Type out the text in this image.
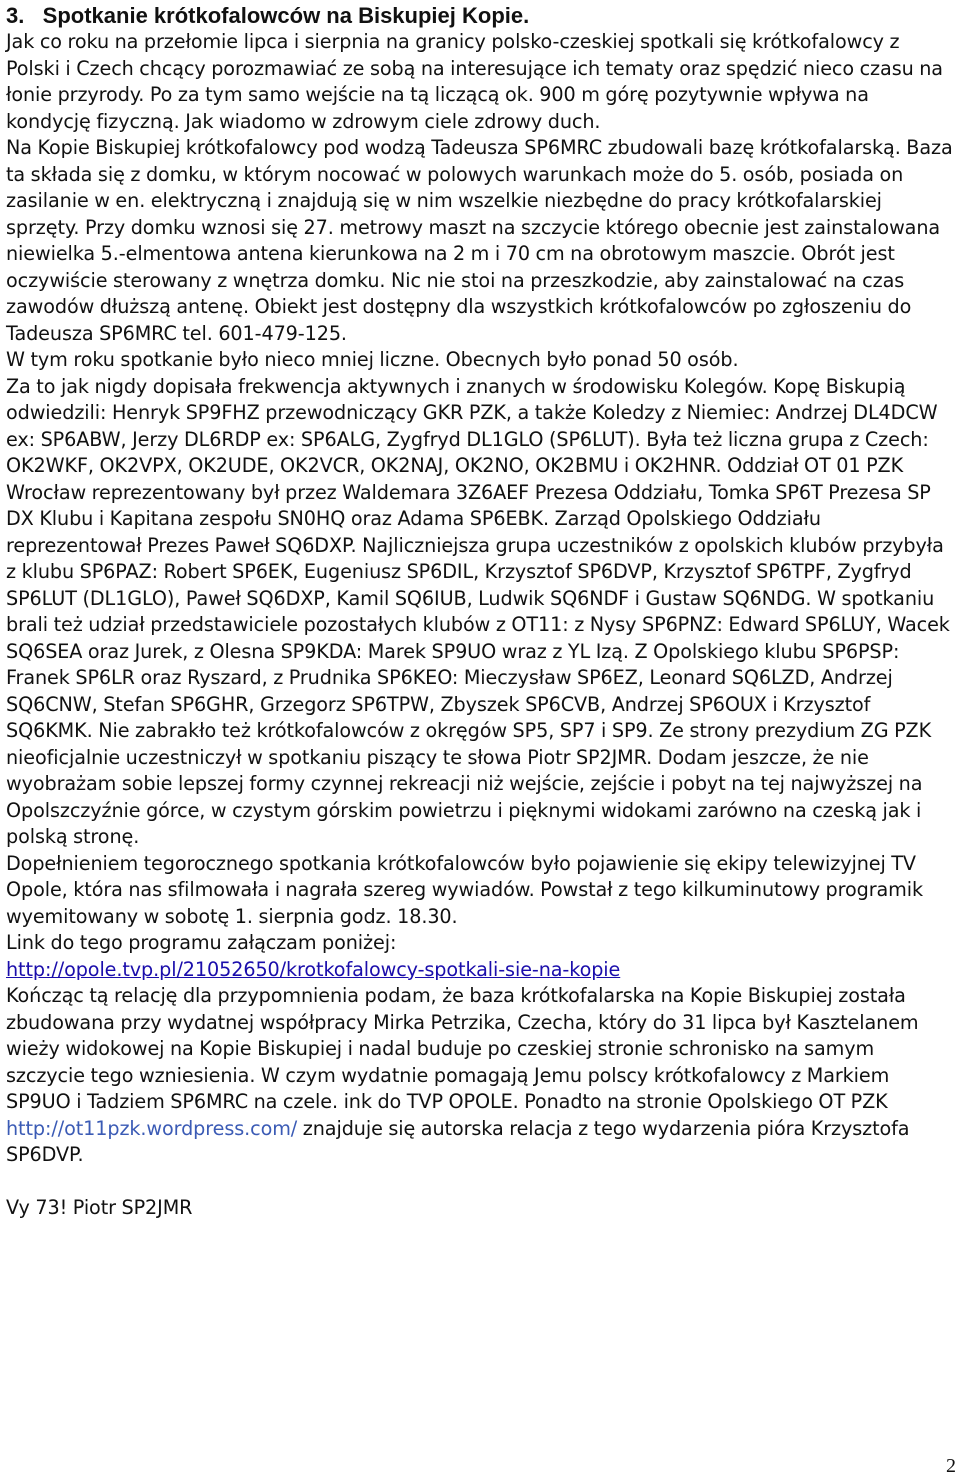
3.   Spotkanie krótkofalowców na Biskupiej Kopie.

Jak co roku na przełomie lipca i sierpnia na granicy polsko-czeskiej spotkali się krótkofalowcy z Polski i Czech chcący porozmawiać ze sobą na interesujące ich tematy oraz spędzić nieco czasu na łonie przyrody. Po za tym samo wejście na tą liczącą ok. 900 m górę pozytywnie wpływa na kondycję fizyczną. Jak wiadomo w zdrowym ciele zdrowy duch.

Na Kopie Biskupiej krótkofalowcy pod wodzą Tadeusza SP6MRC zbudowali bazę krótkofalarską. Baza ta składa się z domku, w którym nocować w polowych warunkach może do 5. osób, posiada on zasilanie w en. elektryczną i znajdują się w nim wszelkie niezbędne do pracy krótkofalarskiej sprzęty. Przy domku wznosi się 27. metrowy maszt na szczycie którego obecnie jest zainstalowana niewielka 5.-elmentowa antena kierunkowa na 2 m i 70 cm na obrotowym maszcie. Obrót jest oczywiście sterowany z wnętrza domku. Nic nie stoi na przeszkodzie, aby zainstalować na czas zawodów dłuższą antenę. Obiekt jest dostępny dla wszystkich krótkofalowców po zgłoszeniu do Tadeusza SP6MRC tel. 601-479-125.

W tym roku spotkanie było nieco mniej liczne. Obecnych było ponad 50 osób.

Za to jak nigdy dopisała frekwencja aktywnych i znanych w środowisku Kolegów. Kopę Biskupią odwiedzili: Henryk SP9FHZ przewodniczący GKR PZK, a także Koledzy z Niemiec: Andrzej DL4DCW ex: SP6ABW, Jerzy DL6RDP ex: SP6ALG, Zygfryd DL1GLO (SP6LUT). Była też liczna grupa z Czech: OK2WKF, OK2VPX, OK2UDE, OK2VCR, OK2NAJ, OK2NO, OK2BMU i OK2HNR. Oddział OT 01 PZK Wrocław reprezentowany był przez Waldemara 3Z6AEF Prezesa Oddziału, Tomka SP6T Prezesa SP DX Klubu i Kapitana zespołu SN0HQ oraz Adama SP6EBK. Zarząd Opolskiego Oddziału reprezentował Prezes Paweł SQ6DXP. Najliczniejsza grupa uczestników z opolskich klubów przybyła z klubu SP6PAZ: Robert SP6EK, Eugeniusz SP6DIL, Krzysztof SP6DVP, Krzysztof SP6TPF, Zygfryd SP6LUT (DL1GLO), Paweł SQ6DXP, Kamil SQ6IUB, Ludwik SQ6NDF i Gustaw SQ6NDG. W spotkaniu brali też udział przedstawiciele pozostałych klubów z OT11: z Nysy SP6PNZ: Edward SP6LUY, Wacek SQ6SEA oraz Jurek, z Olesna SP9KDA: Marek SP9UO wraz z YL Izą. Z Opolskiego klubu SP6PSP: Franek SP6LR oraz Ryszard, z Prudnika SP6KEO: Mieczysław SP6EZ, Leonard SQ6LZD, Andrzej SQ6CNW, Stefan SP6GHR, Grzegorz SP6TPW, Zbyszek SP6CVB, Andrzej SP6OUX i Krzysztof SQ6KMK. Nie zabrakło też krótkofalowców z okręgów SP5, SP7 i SP9. Ze strony prezydium ZG PZK nieoficjalnie uczestniczył w spotkaniu piszący te słowa Piotr SP2JMR. Dodam jeszcze, że nie wyobrażam sobie lepszej formy czynnej rekreacji niż wejście, zejście i pobyt na tej najwyższej na Opolszczyźnie górce, w czystym górskim powietrzu i pięknymi widokami zarówno na czeską jak i polską stronę.

Dopełnieniem tegorocznego spotkania krótkofalowców było pojawienie się ekipy telewizyjnej TV Opole, która nas sfilmowała i nagrała szereg wywiadów. Powstał z tego kilkuminutowy programik wyemitowany w sobotę 1. sierpnia godz. 18.30.

Link do tego programu załączam poniżej:

http://opole.tvp.pl/21052650/krotkofalowcy-spotkali-sie-na-kopie

Kończąc tą relację dla przypomnienia podam, że baza krótkofalarska na Kopie Biskupiej została zbudowana przy wydatnej współpracy Mirka Petrzika, Czecha, który do 31 lipca był Kasztelanem wieży widokowej na Kopie Biskupiej i nadal buduje po czeskiej stronie schronisko na samym szczycie tego wzniesienia. W czym wydatnie pomagają Jemu polscy krótkofalowcy z Markiem SP9UO i Tadziem SP6MRC na czele. ink do TVP OPOLE. Ponadto na stronie Opolskiego OT PZK

http://ot11pzk.wordpress.com/ znajduje się autorska relacja z tego wydarzenia pióra Krzysztofa SP6DVP.

Vy 73! Piotr SP2JMR

2
